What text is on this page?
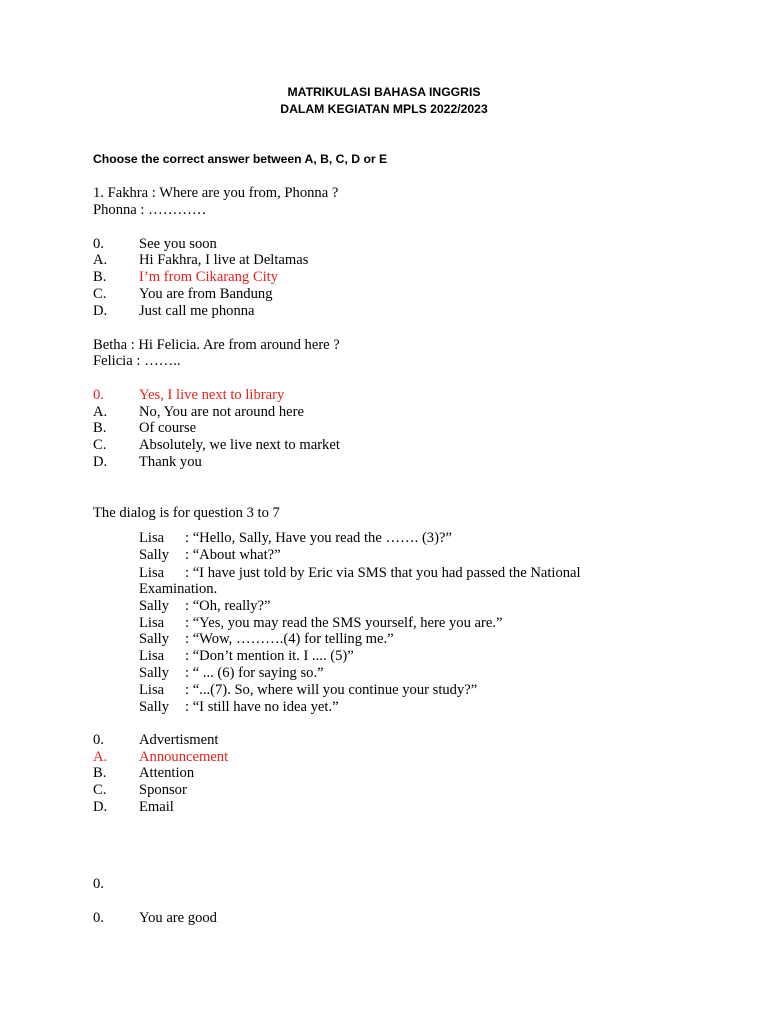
MATRIKULASI BAHASA INGGRIS
DALAM KEGIATAN MPLS 2022/2023
Choose the correct answer between A, B, C, D or E
1. Fakhra : Where are you from, Phonna ?
Phonna : …………
0. See you soon
A. Hi Fakhra, I live at Deltamas
B. I’m from Cikarang City
C. You are from Bandung
D. Just call me phonna
Betha : Hi Felicia. Are from around here ?
Felicia : ……..
0. Yes, I live next to library
A. No, You are not around here
B. Of course
C. Absolutely, we live next to market
D. Thank you
The dialog is for question 3 to 7
Lisa : “Hello, Sally, Have you read the ……. (3)?”
Sally : “About what?”
Lisa : “I have just told by Eric via SMS that you had passed the National
Examination.
Sally : “Oh, really?”
Lisa : “Yes, you may read the SMS yourself, here you are.”
Sally : “Wow, ……….(4) for telling me.”
Lisa : “Don’t mention it. I .... (5)”
Sally : “ ... (6) for saying so.”
Lisa : “...(7). So, where will you continue your study?”
Sally : “I still have no idea yet.”
0. Advertisment
A. Announcement
B. Attention
C. Sponsor
D. Email
0.
0. You are good
